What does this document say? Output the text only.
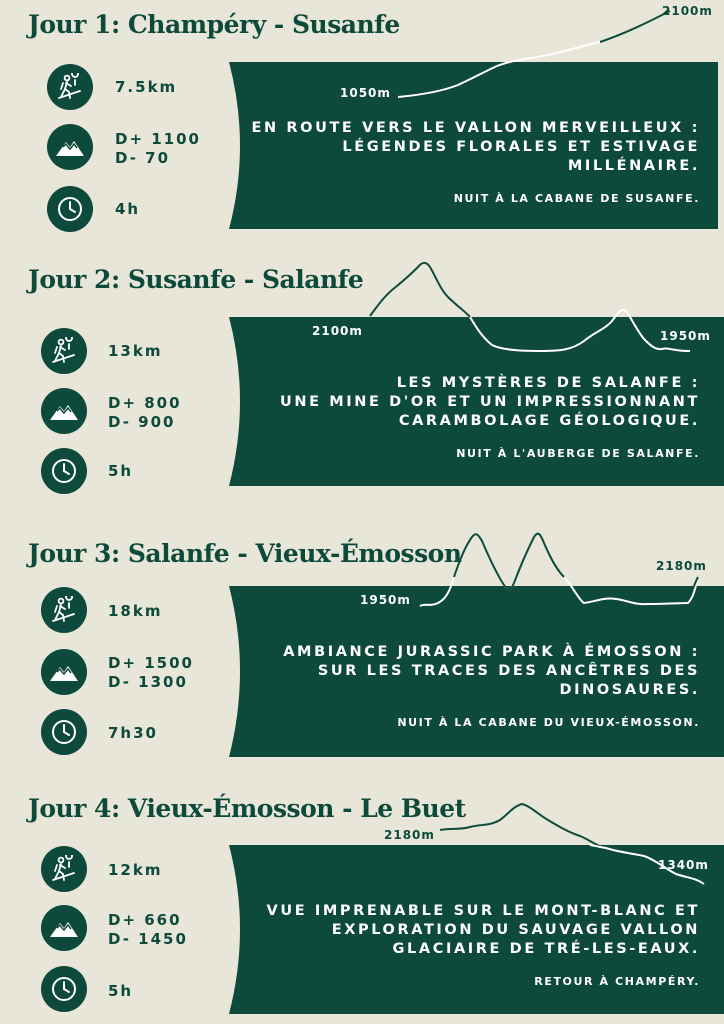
Jour 1: Champéry - Susanfe	2100m
1050m
7.5km
D+ 1100
D- 70
4h
EN ROUTE VERS LE VALLON MERVEILLEUX :
LÉGENDES FLORALES ET ESTIVAGE
MILLÉNAIRE.
NUIT À LA CABANE DE SUSANFE.
Jour 2: Susanfe - Salanfe
2100m	1950m
13km
D+ 800
D- 900
5h
LES MYSTÈRES DE SALANFE :
UNE MINE D'OR ET UN IMPRESSIONNANT
CARAMBOLAGE GÉOLOGIQUE.
NUIT À L'AUBERGE DE SALANFE.
Jour 3: Salanfe - Vieux-Émosson	2180m
1950m
18km
D+ 1500
D- 1300
7h30
AMBIANCE JURASSIC PARK À ÉMOSSON :
SUR LES TRACES DES ANCÊTRES DES
DINOSAURES.
NUIT À LA CABANE DU VIEUX-ÉMOSSON.
Jour 4: Vieux-Émosson - Le Buet
2180m
1340m
12km
D+ 660
D- 1450
5h
VUE IMPRENABLE SUR LE MONT-BLANC ET
EXPLORATION DU SAUVAGE VALLON
GLACIAIRE DE TRÉ-LES-EAUX.
RETOUR À CHAMPÉRY.
